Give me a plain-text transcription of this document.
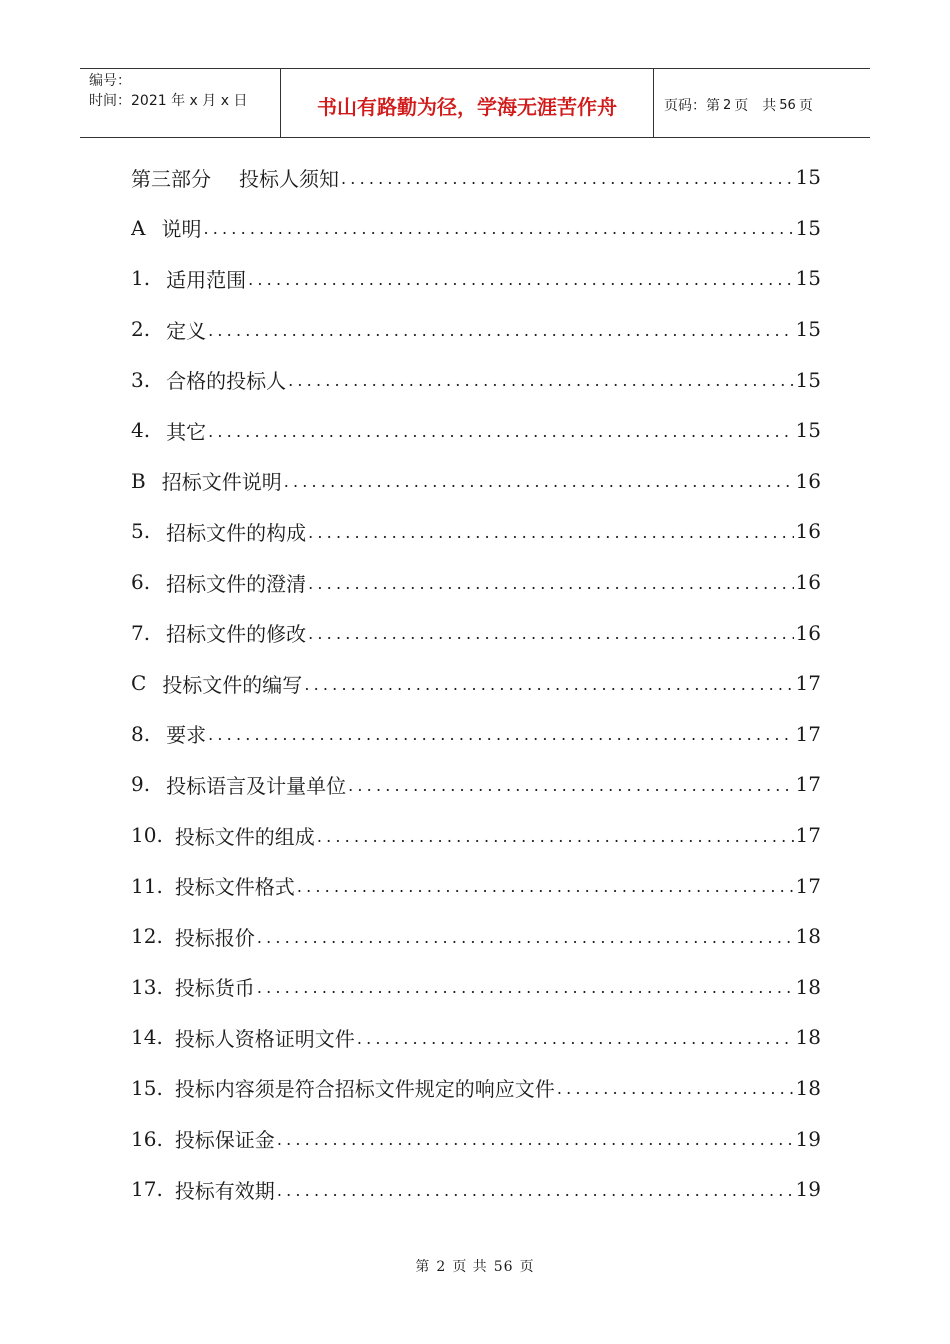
编号：
时间：2021 年 x 月 x 日	书山有路勤为径，学海无涯苦作舟	页码：第 2 页　共 56 页
第三部分 投标人须知 .....	15
A 说明 .....	15
1. 适用范围 .....	15
2. 定义 .....	15
3. 合格的投标人 .....	15
4. 其它 .....	15
B 招标文件说明 .....	16
5. 招标文件的构成 .....	16
6. 招标文件的澄清 .....	16
7. 招标文件的修改 .....	16
C 投标文件的编写 .....	17
8. 要求 .....	17
9. 投标语言及计量单位 .....	17
10. 投标文件的组成 .....	17
11. 投标文件格式 .....	17
12. 投标报价 .....	18
13. 投标货币 .....	18
14. 投标人资格证明文件 .....	18
15. 投标内容须是符合招标文件规定的响应文件 .....	18
16. 投标保证金 .....	19
17. 投标有效期 .....	19
第 2 页 共 56 页
